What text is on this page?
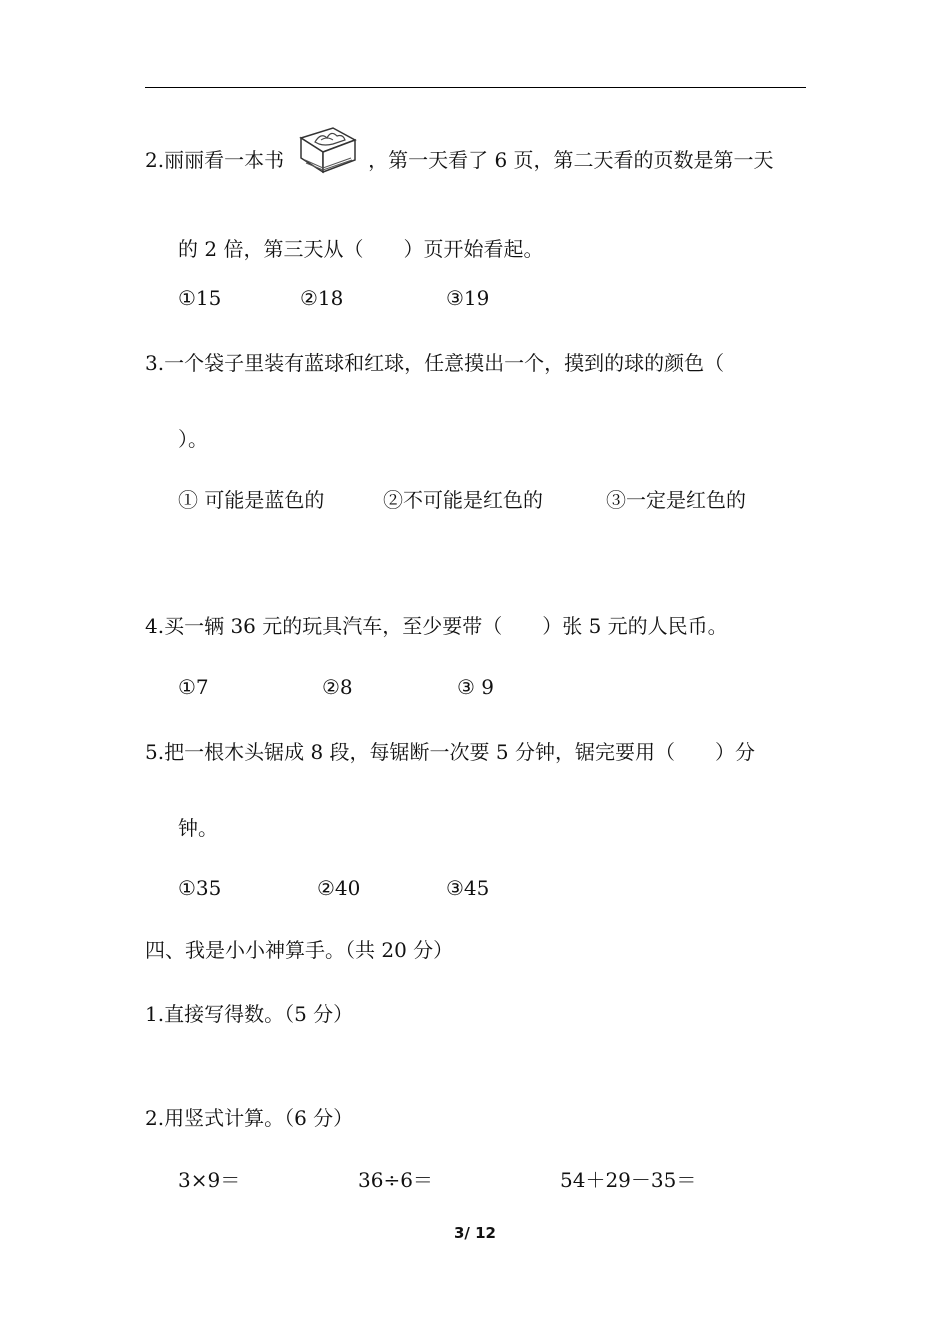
2.丽丽看一本书	，第一天看了 6 页，第二天看的页数是第一天
的 2 倍，第三天从（　　）页开始看起。
①15	②18	③19
3.一个袋子里装有蓝球和红球，任意摸出一个，摸到的球的颜色（
）。
① 可能是蓝色的	②不可能是红色的	③一定是红色的
4.买一辆 36 元的玩具汽车，至少要带（　　）张 5 元的人民币。
①7	②8	③ 9
5.把一根木头锯成 8 段，每锯断一次要 5 分钟，锯完要用（　　）分
钟。
①35	②40	③45
四、我是小小神算手。（共 20 分）
1.直接写得数。（5 分）
2.用竖式计算。（6 分）
3×9＝	36÷6＝	54＋29－35＝
3/ 12
